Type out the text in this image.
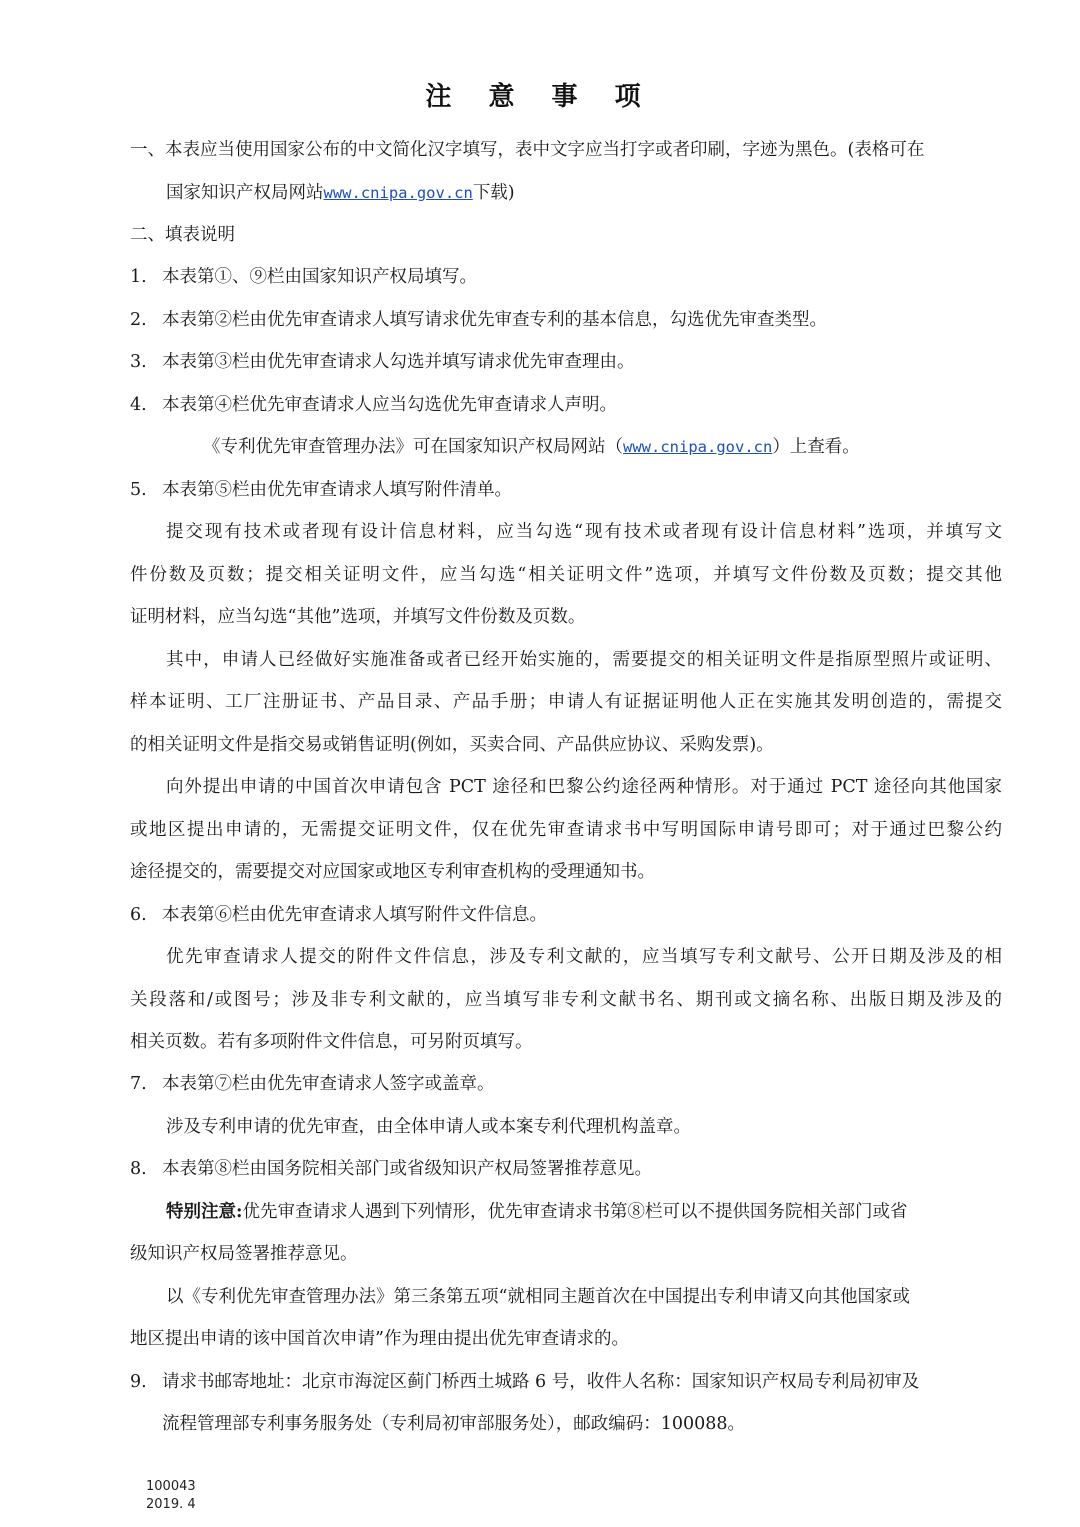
注 意 事 项
一、本表应当使用国家公布的中文简化汉字填写，表中文字应当打字或者印刷，字迹为黑色。(表格可在
国家知识产权局网站www.cnipa.gov.cn下载)
二、填表说明
1. 本表第①、⑨栏由国家知识产权局填写。
2. 本表第②栏由优先审查请求人填写请求优先审查专利的基本信息，勾选优先审查类型。
3. 本表第③栏由优先审查请求人勾选并填写请求优先审查理由。
4. 本表第④栏优先审查请求人应当勾选优先审查请求人声明。
《专利优先审查管理办法》可在国家知识产权局网站（www.cnipa.gov.cn）上查看。
5. 本表第⑤栏由优先审查请求人填写附件清单。
提交现有技术或者现有设计信息材料，应当勾选“现有技术或者现有设计信息材料”选项，并填写文
件份数及页数；提交相关证明文件，应当勾选“相关证明文件”选项，并填写文件份数及页数；提交其他
证明材料，应当勾选“其他”选项，并填写文件份数及页数。
其中，申请人已经做好实施准备或者已经开始实施的，需要提交的相关证明文件是指原型照片或证明、
样本证明、工厂注册证书、产品目录、产品手册；申请人有证据证明他人正在实施其发明创造的，需提交
的相关证明文件是指交易或销售证明(例如，买卖合同、产品供应协议、采购发票)。
向外提出申请的中国首次申请包含 PCT 途径和巴黎公约途径两种情形。对于通过 PCT 途径向其他国家
或地区提出申请的，无需提交证明文件，仅在优先审查请求书中写明国际申请号即可；对于通过巴黎公约
途径提交的，需要提交对应国家或地区专利审查机构的受理通知书。
6. 本表第⑥栏由优先审查请求人填写附件文件信息。
优先审查请求人提交的附件文件信息，涉及专利文献的，应当填写专利文献号、公开日期及涉及的相
关段落和/或图号；涉及非专利文献的，应当填写非专利文献书名、期刊或文摘名称、出版日期及涉及的
相关页数。若有多项附件文件信息，可另附页填写。
7. 本表第⑦栏由优先审查请求人签字或盖章。
涉及专利申请的优先审查，由全体申请人或本案专利代理机构盖章。
8. 本表第⑧栏由国务院相关部门或省级知识产权局签署推荐意见。
特别注意:优先审查请求人遇到下列情形，优先审查请求书第⑧栏可以不提供国务院相关部门或省
级知识产权局签署推荐意见。
以《专利优先审查管理办法》第三条第五项“就相同主题首次在中国提出专利申请又向其他国家或
地区提出申请的该中国首次申请”作为理由提出优先审查请求的。
9. 请求书邮寄地址：北京市海淀区蓟门桥西土城路 6 号，收件人名称：国家知识产权局专利局初审及
流程管理部专利事务服务处（专利局初审部服务处），邮政编码：100088。
100043
2019. 4
